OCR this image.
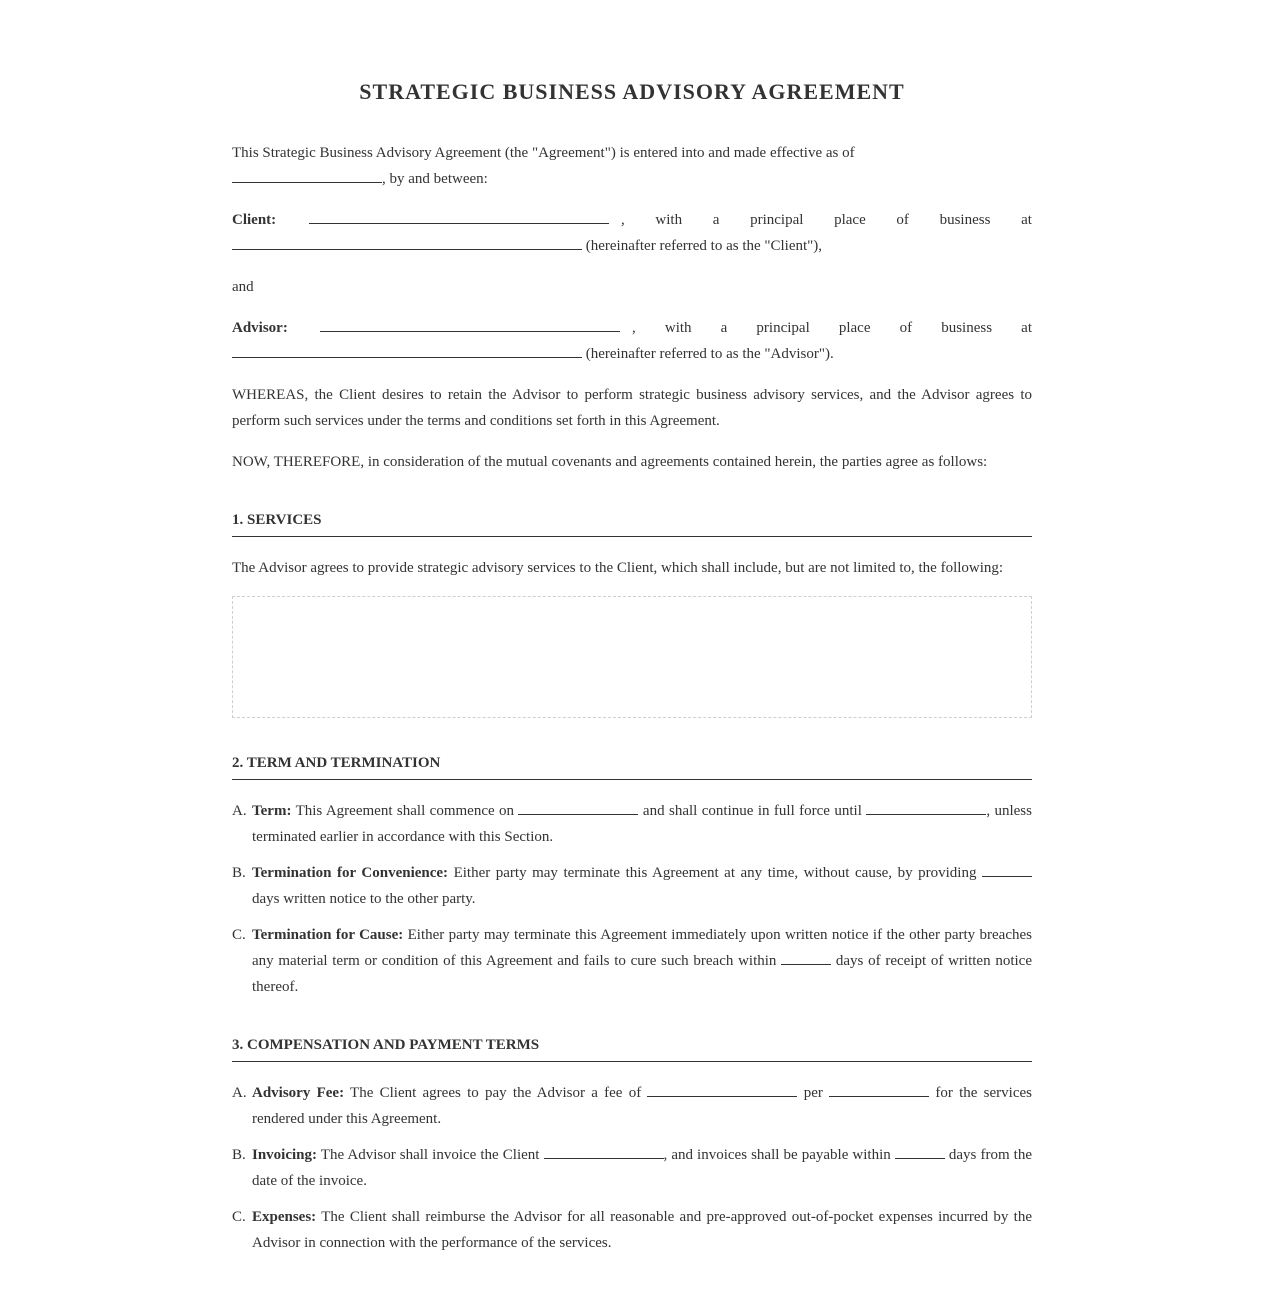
STRATEGIC BUSINESS ADVISORY AGREEMENT

This Strategic Business Advisory Agreement (the "Agreement") is entered into and made effective as of
, by and between:

Client:	, with a principal place of business at

(hereinafter referred to as the "Client"),

and

Advisor:	, with a principal place of business at

(hereinafter referred to as the "Advisor").

WHEREAS, the Client desires to retain the Advisor to perform strategic business advisory services, and the Advisor agrees to perform such services under the terms and conditions set forth in this Agreement.

NOW, THEREFORE, in consideration of the mutual covenants and agreements contained herein, the parties agree as follows:

1. SERVICES

The Advisor agrees to provide strategic advisory services to the Client, which shall include, but are not limited to, the following:

2. TERM AND TERMINATION
A. Term: This Agreement shall commence on	and shall continue in full force until	, unless terminated earlier in accordance with this Section.

B. Termination for Convenience: Either party may terminate this Agreement at any time, without cause, by providing  days written notice to the other party.

C. Termination for Cause: Either party may terminate this Agreement immediately upon written notice if the other party breaches any material term or condition of this Agreement and fails to cure such breach within	days of receipt of written notice thereof.

3. COMPENSATION AND PAYMENT TERMS
A. Advisory Fee: The Client agrees to pay the Advisor a fee of	per	for the services rendered under this Agreement.

B. Invoicing: The Advisor shall invoice the Client	, and invoices shall be payable within	days from the date of the invoice.

C. Expenses: The Client shall reimburse the Advisor for all reasonable and pre-approved out-of-pocket expenses incurred by the Advisor in connection with the performance of the services.
